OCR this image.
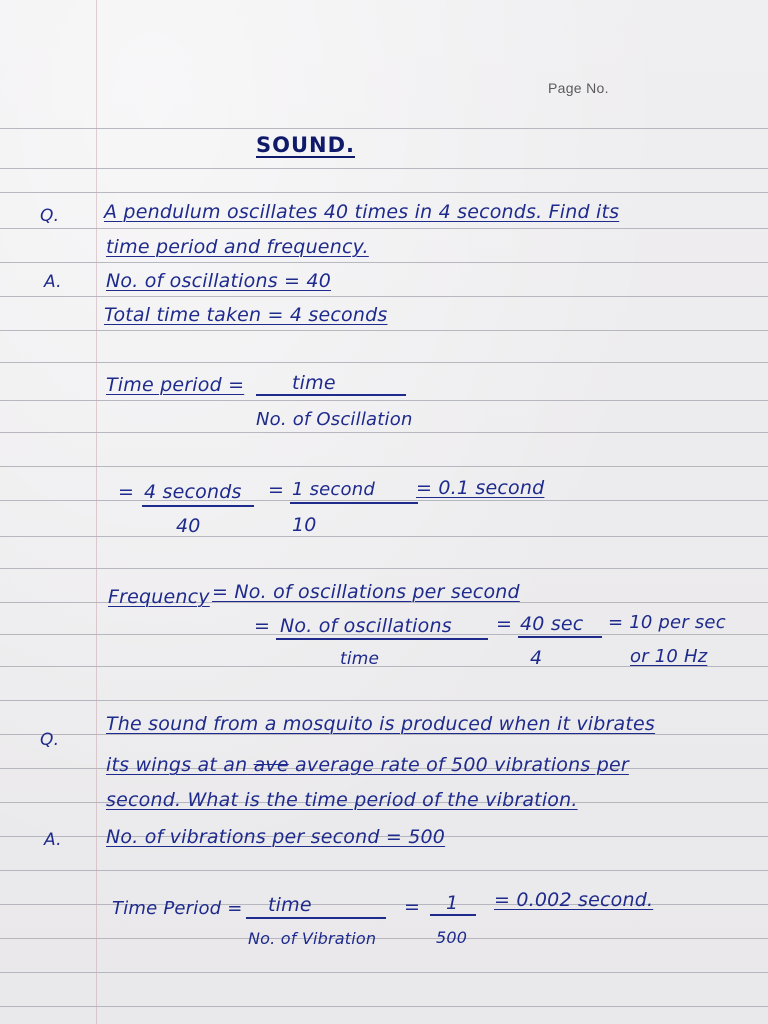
Page No.
SOUND.
Q. A pendulum oscillates 40 times in 4 seconds. Find its
time period and frequency.
A. No. of oscillations = 40
Total time taken = 4 seconds
Time period =	time
No. of Oscillation
= 4 seconds
40
= 1 second
10
= 0.1 second
Frequency = No. of oscillations per second
= No. of oscillations
time
= 40 sec
4
= 10 per sec
or 10 Hz
Q.
The sound from a mosquito is produced when it vibrates
its wings at an ave average rate of 500 vibrations per
second. What is the time period of the vibration.
A. No. of vibrations per second = 500
Time Period = time
No. of Vibration
= 1
500
= 0.002 second.
